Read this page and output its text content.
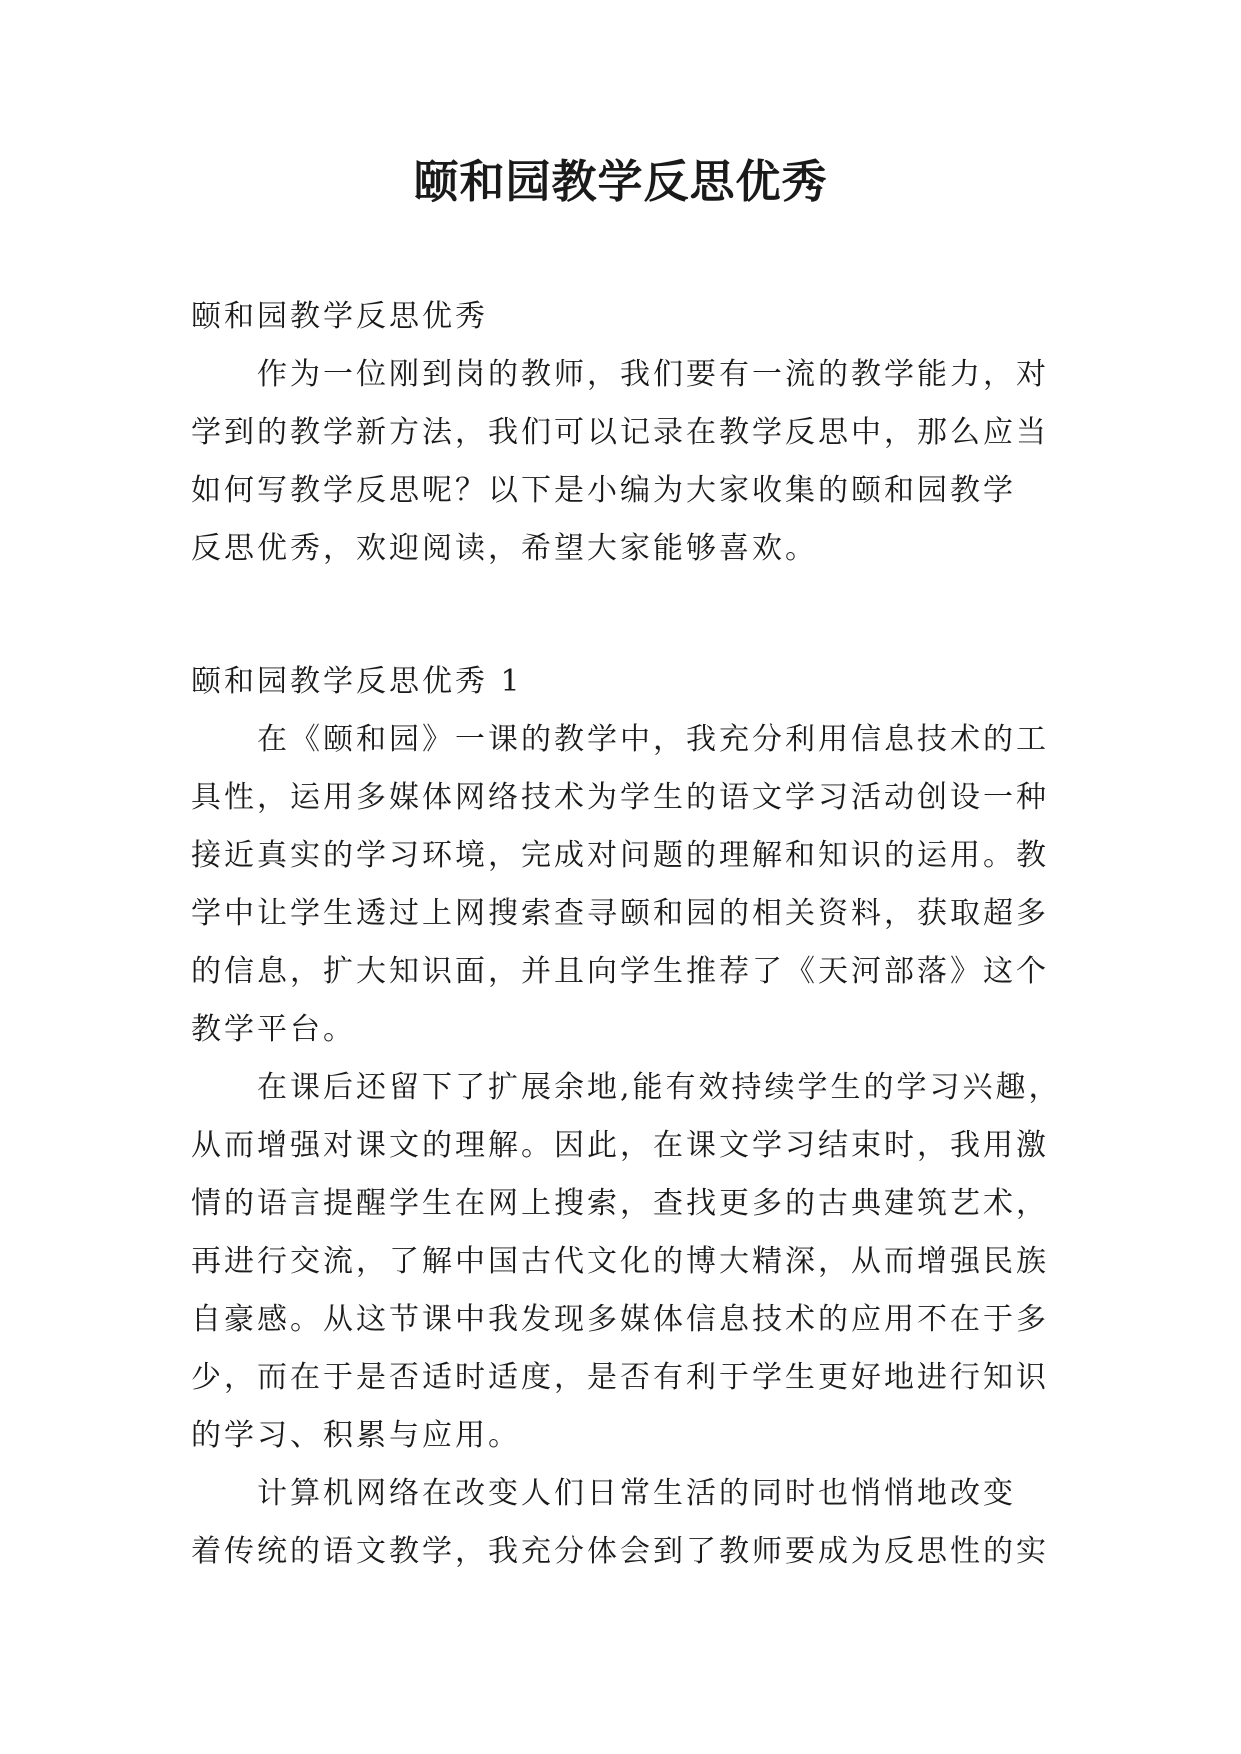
颐和园教学反思优秀
颐和园教学反思优秀
作为一位刚到岗的教师，我们要有一流的教学能力，对
学到的教学新方法，我们可以记录在教学反思中，那么应当
如何写教学反思呢？以下是小编为大家收集的颐和园教学
反思优秀，欢迎阅读，希望大家能够喜欢。
颐和园教学反思优秀 1
在《颐和园》一课的教学中，我充分利用信息技术的工
具性，运用多媒体网络技术为学生的语文学习活动创设一种
接近真实的学习环境，完成对问题的理解和知识的运用。教
学中让学生透过上网搜索查寻颐和园的相关资料，获取超多
的信息，扩大知识面，并且向学生推荐了《天河部落》这个
教学平台。
在课后还留下了扩展余地,能有效持续学生的学习兴趣，
从而增强对课文的理解。因此，在课文学习结束时，我用激
情的语言提醒学生在网上搜索，查找更多的古典建筑艺术，
再进行交流，了解中国古代文化的博大精深，从而增强民族
自豪感。从这节课中我发现多媒体信息技术的应用不在于多
少，而在于是否适时适度，是否有利于学生更好地进行知识
的学习、积累与应用。
计算机网络在改变人们日常生活的同时也悄悄地改变
着传统的语文教学，我充分体会到了教师要成为反思性的实
